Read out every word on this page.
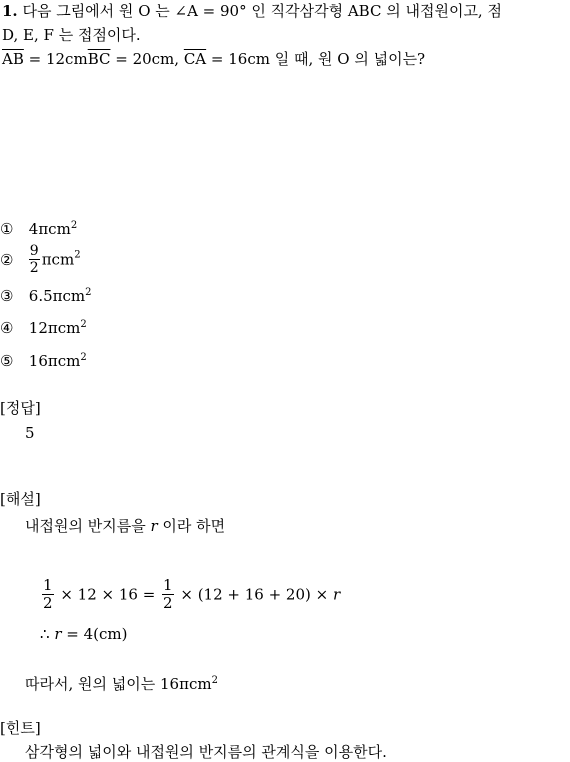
1. 다음 그림에서 원 O 는 ∠A = 90° 인 직각삼각형 ABC 의 내접원이고, 점
D, E, F 는 접점이다.
$\overline{AB} = 12cm\overline{BC} = 20cm$, $\overline{CA} = 16cm$ 일 때, 원 O 의 넓이는?
① 4πcm$^2$
② $\frac{9}{2} \pi cm^2$
③ 6.5πcm$^2$
④ 12πcm$^2$
⑤ 16πcm$^2$
[정답]
5
[해설]
내접원의 반지름을 r 이라 하면
$\frac{1}{2} \times 12 \times 16 = \frac{1}{2} \times (12 + 16 + 20) \times r$
∴ r = 4(cm)
따라서, 원의 넓이는 16πcm$^2$
[힌트]
삼각형의 넓이와 내접원의 반지름의 관계식을 이용한다.
